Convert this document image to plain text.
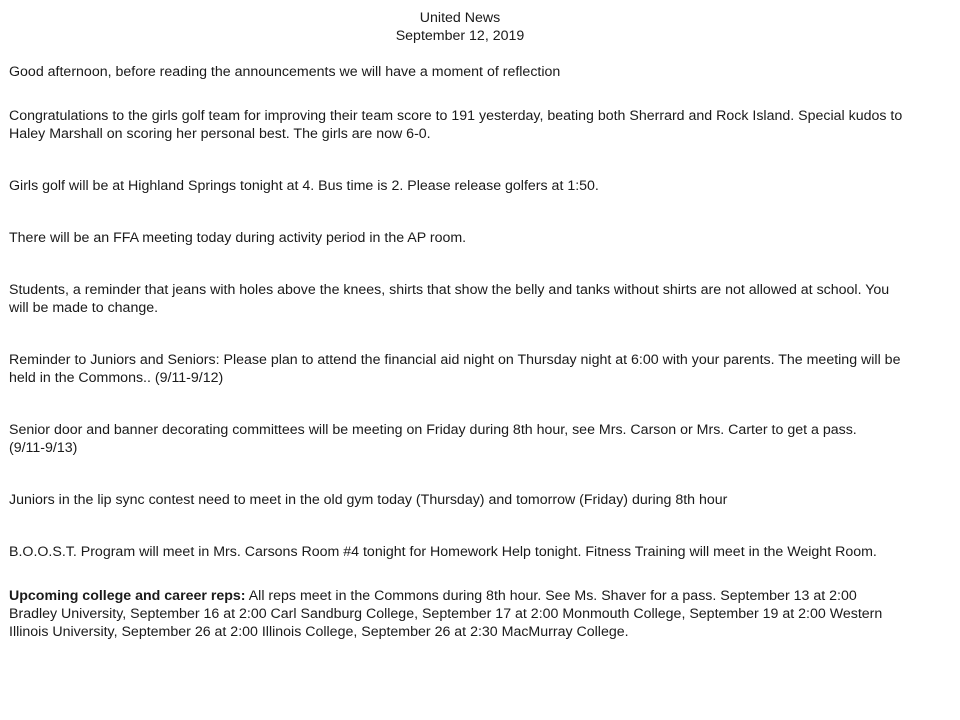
United News
September 12, 2019

Good afternoon, before reading the announcements we will have a moment of reflection

Congratulations to the girls golf team for improving their team score to 191 yesterday, beating both Sherrard and Rock Island. Special kudos to
Haley Marshall on scoring her personal best. The girls are now 6-0.

Girls golf will be at Highland Springs tonight at 4. Bus time is 2. Please release golfers at 1:50.

There will be an FFA meeting today during activity period in the AP room.

Students, a reminder that jeans with holes above the knees, shirts that show the belly and tanks without shirts are not allowed at school. You
will be made to change.

Reminder to Juniors and Seniors: Please plan to attend the financial aid night on Thursday night at 6:00 with your parents. The meeting will be
held in the Commons.. (9/11-9/12)

Senior door and banner decorating committees will be meeting on Friday during 8th hour, see Mrs. Carson or Mrs. Carter to get a pass.
(9/11-9/13)

Juniors in the lip sync contest need to meet in the old gym today (Thursday) and tomorrow (Friday) during 8th hour

B.O.O.S.T. Program will meet in Mrs. Carsons Room #4 tonight for Homework Help tonight. Fitness Training will meet in the Weight Room.

Upcoming college and career reps: All reps meet in the Commons during 8th hour. See Ms. Shaver for a pass. September 13 at 2:00
Bradley University, September 16 at 2:00 Carl Sandburg College, September 17 at 2:00 Monmouth College, September 19 at 2:00 Western
Illinois University, September 26 at 2:00 Illinois College, September 26 at 2:30 MacMurray College.
